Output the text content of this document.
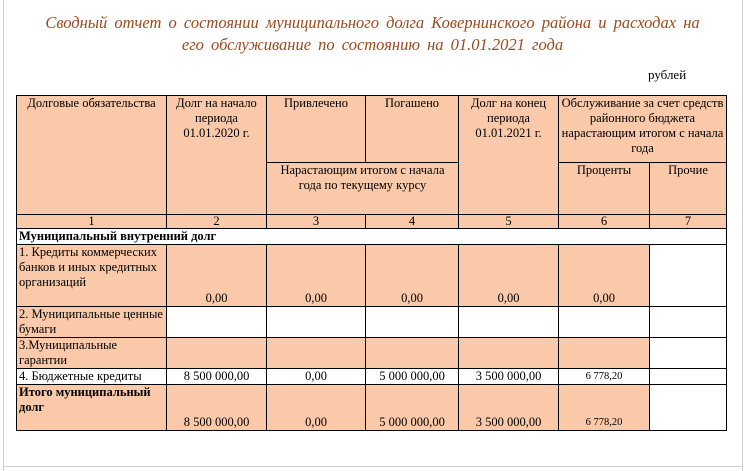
Сводный отчет о состоянии муниципального долга Ковернинского района и расходах на его обслуживание по состоянию на 01.01.2021 года
рублей
Долговые обязательства	Долг на начало периода 01.01.2020 г.	Привлечено	Погашено	Долг на конец периода 01.01.2021 г.	Обслуживание за счет средств районного бюджета нарастающим итогом с начала года	
		Нарастающим итогом с начала года по текущему курсу			Проценты	Прочие
1	2	3	4	5	6	7
Муниципальный внутренний долг						
1. Кредиты коммерческих банков и иных кредитных организаций	0,00	0,00	0,00	0,00	0,00	
2. Муниципальные ценные бумаги						
3.Муниципальные гарантии						
4. Бюджетные кредиты	8 500 000,00	0,00	5 000 000,00	3 500 000,00	6 778,20	
Итого муниципальный долг	8 500 000,00	0,00	5 000 000,00	3 500 000,00	6 778,20	
